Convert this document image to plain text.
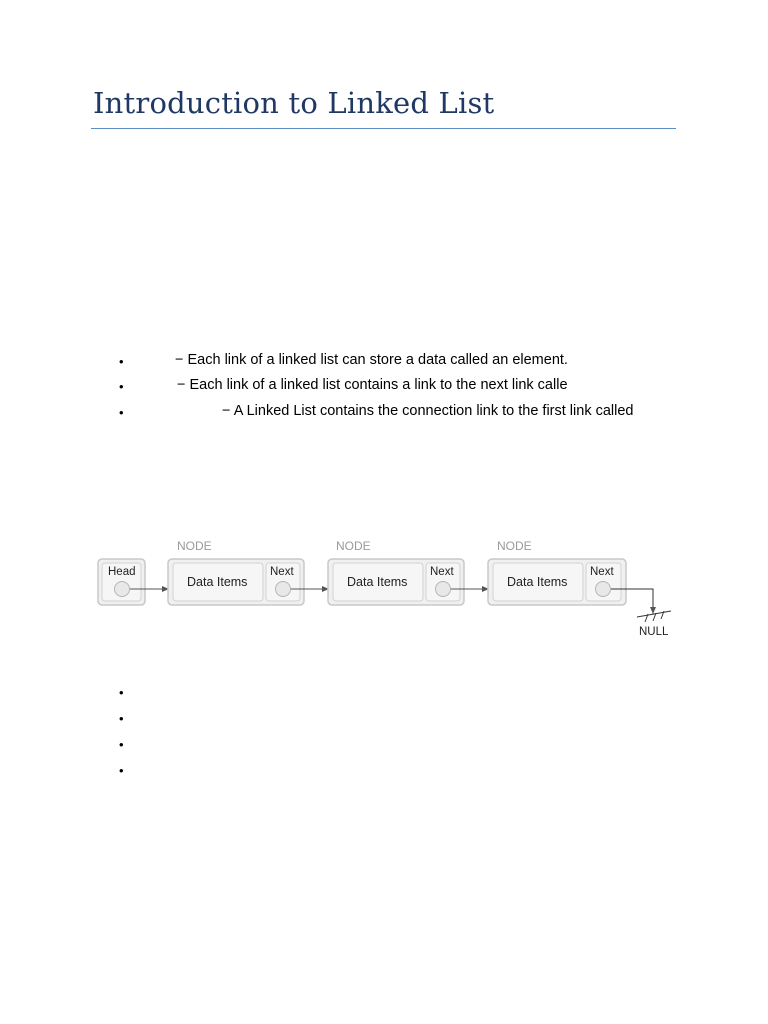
Introduction to Linked List
•	− Each link of a linked list can store a data called an element.
•	− Each link of a linked list contains a link to the next link calle
•	− A Linked List contains the connection link to the first link called
Head
NODE
Data Items
Next
NODE
Data Items
Next
NODE
Data Items
Next
NULL
•
•
•
•
